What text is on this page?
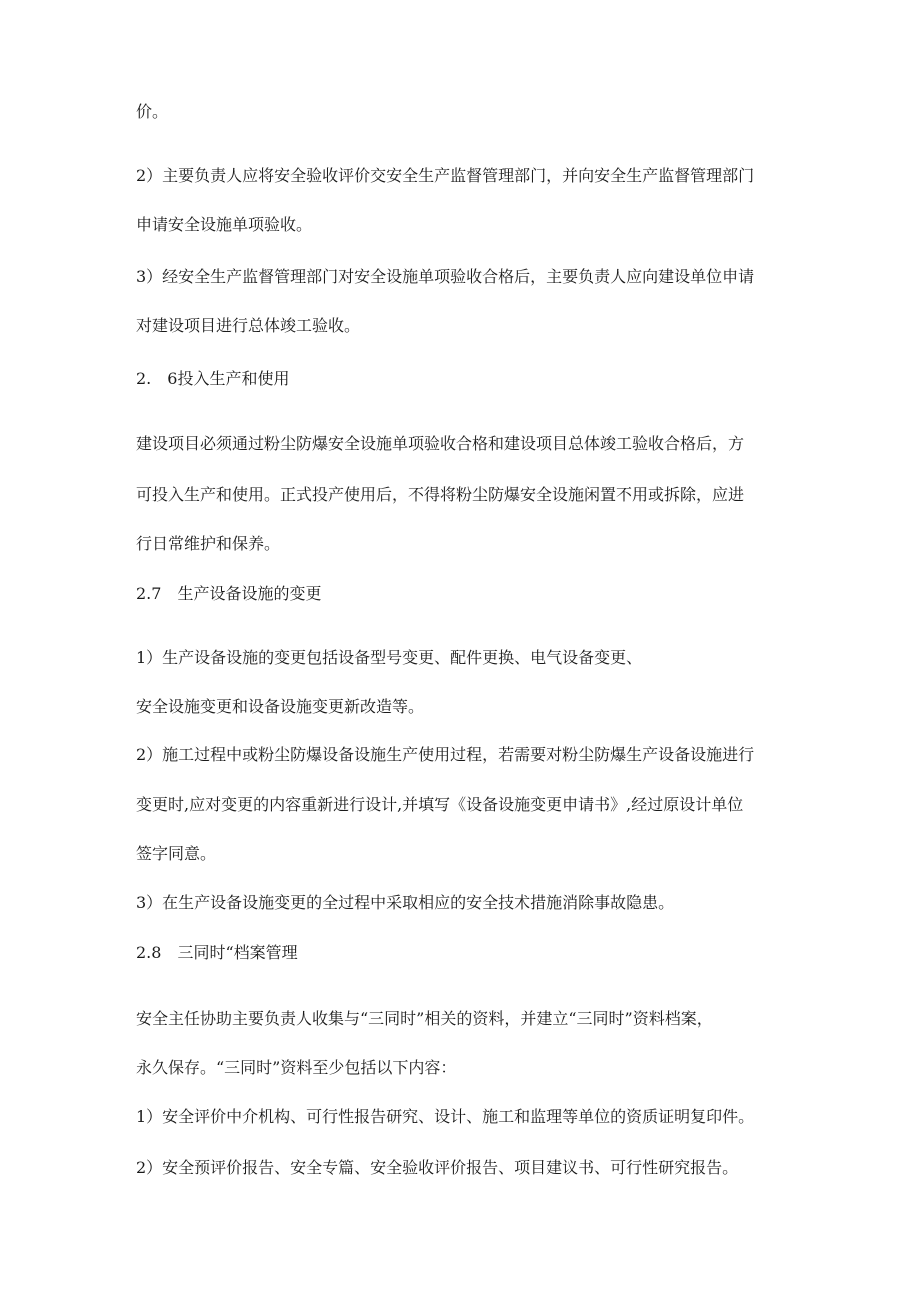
价。
2）主要负责人应将安全验收评价交安全生产监督管理部门，并向安全生产监督管理部门
申请安全设施单项验收。
3）经安全生产监督管理部门对安全设施单项验收合格后，主要负责人应向建设单位申请
对建设项目进行总体竣工验收。
2.　6投入生产和使用
建设项目必须通过粉尘防爆安全设施单项验收合格和建设项目总体竣工验收合格后，方
可投入生产和使用。正式投产使用后，不得将粉尘防爆安全设施闲置不用或拆除，应进
行日常维护和保养。
2.7　生产设备设施的变更
1）生产设备设施的变更包括设备型号变更、配件更换、电气设备变更、
安全设施变更和设备设施变更新改造等。
2）施工过程中或粉尘防爆设备设施生产使用过程，若需要对粉尘防爆生产设备设施进行
变更时,应对变更的内容重新进行设计,并填写《设备设施变更申请书》,经过原设计单位
签字同意。
3）在生产设备设施变更的全过程中采取相应的安全技术措施消除事故隐患。
2.8　三同时“档案管理
安全主任协助主要负责人收集与“三同时”相关的资料，并建立“三同时”资料档案，
永久保存。“三同时”资料至少包括以下内容：
1）安全评价中介机构、可行性报告研究、设计、施工和监理等单位的资质证明复印件。
2）安全预评价报告、安全专篇、安全验收评价报告、项目建议书、可行性研究报告。
